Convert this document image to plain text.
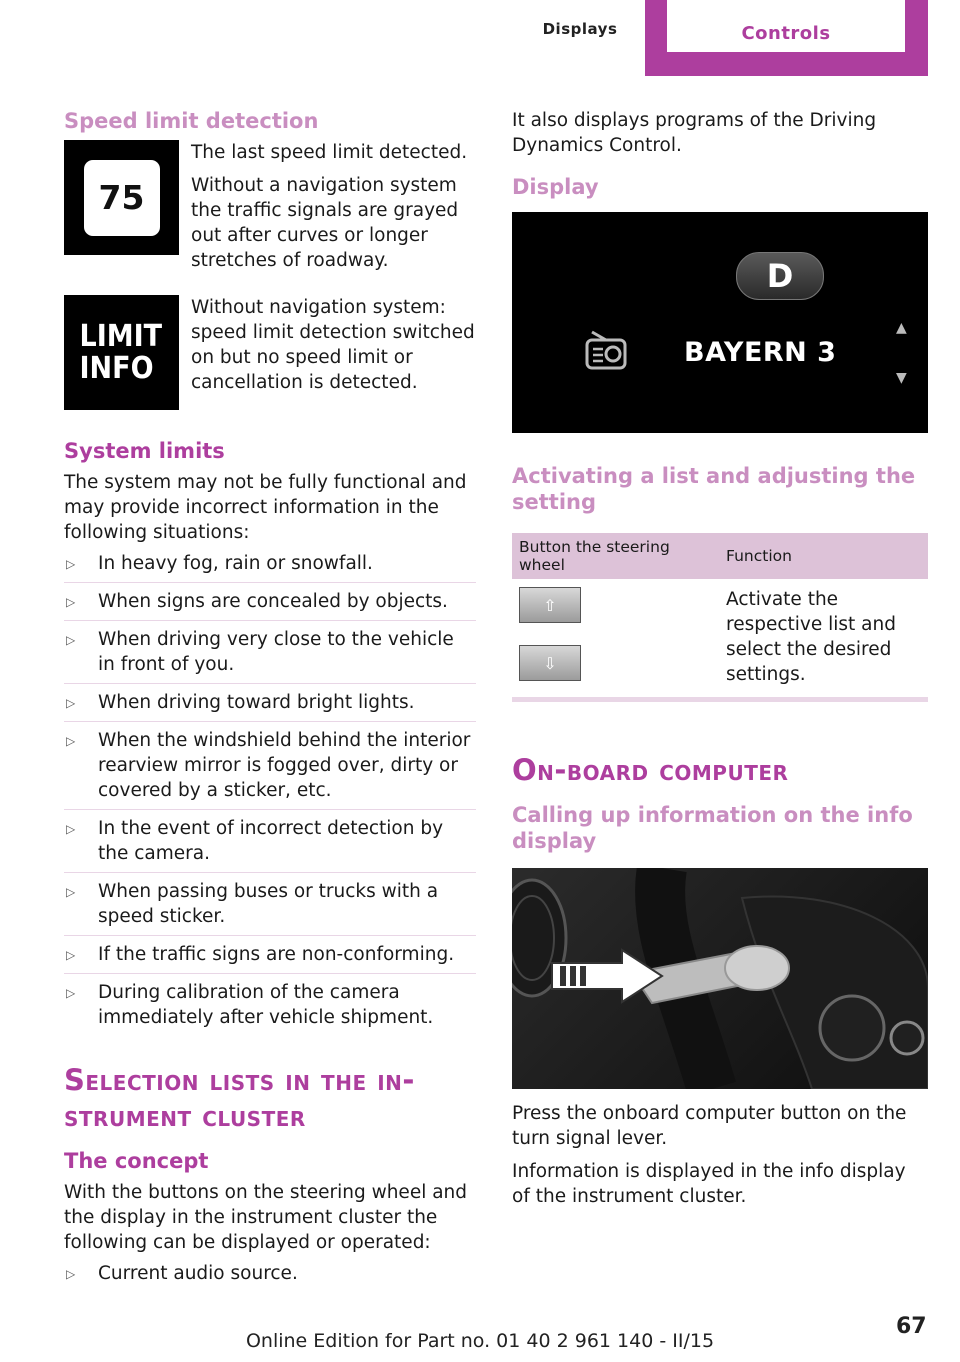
Displays	Controls
Speed limit detection
75

The last speed limit detected.

Without a navigation system the traffic signals are grayed out after curves or longer stretches of roadway.

LIMIT
INFO

Without navigation system: speed limit detection switched on but no speed limit or cancellation is detected.

System limits

The system may not be fully functional and may provide incorrect information in the following situations:

▷ In heavy fog, rain or snowfall.
▷ When signs are concealed by objects.
▷ When driving very close to the vehicle in front of you.
▷ When driving toward bright lights.
▷ When the windshield behind the interior rearview mirror is fogged over, dirty or covered by a sticker, etc.
▷ In the event of incorrect detection by the camera.
▷ When passing buses or trucks with a speed sticker.
▷ If the traffic signs are non-conforming.
▷ During calibration of the camera immediately after vehicle shipment.
Selection lists in the in-
strument cluster
The concept

With the buttons on the steering wheel and the display in the instrument cluster the following can be displayed or operated:

▷ Current audio source.

It also displays programs of the Driving Dynamics Control.

Display
D
BAYERN 3
▲
▼
Activating a list and adjusting the setting
Button the steering wheel	Function

⇧
⇩	Activate the respective list and select the desired settings.
On-board computer
Calling up information on the info display

Press the onboard computer button on the turn signal lever.

Information is displayed in the info display of the instrument cluster.

Online Edition for Part no. 01 40 2 961 140 - II/15
67
